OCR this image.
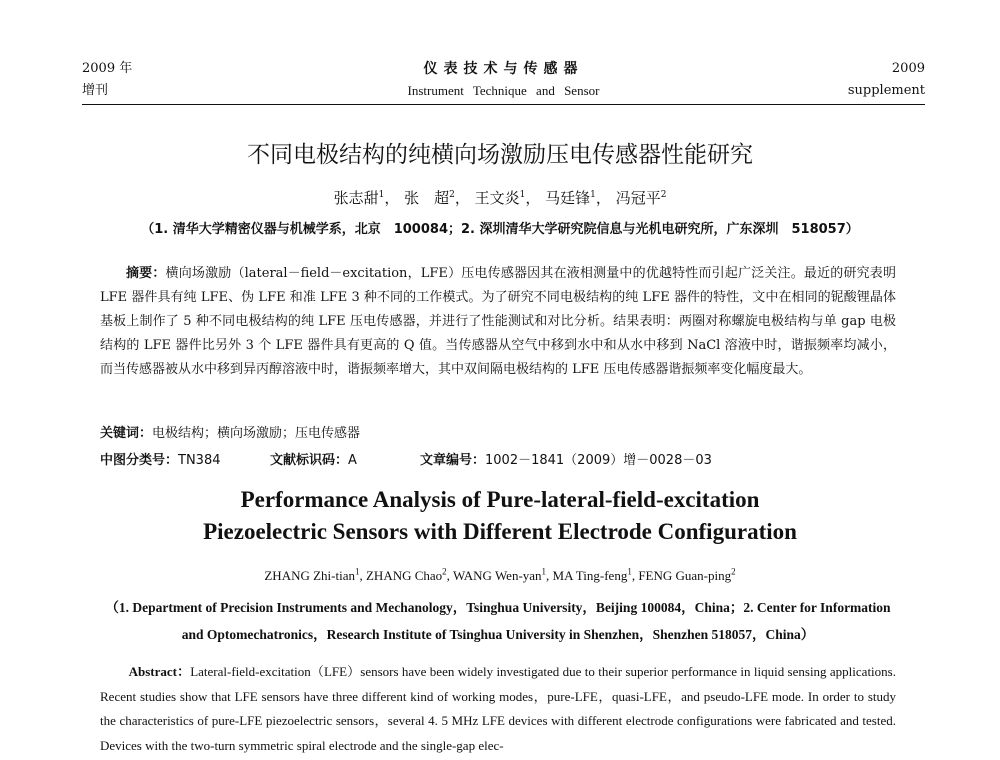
2009 年
增刊
仪表技术与传感器
Instrument Technique and Sensor
2009
supplement
不同电极结构的纯横向场激励压电传感器性能研究
张志甜$^1$， 张　超$^2$， 王文炎$^1$， 马廷锋$^1$， 冯冠平$^2$
（1. 清华大学精密仪器与机械学系，北京　100084；2. 深圳清华大学研究院信息与光机电研究所，广东深圳　518057）
摘要：横向场激励（lateral－field－excitation，LFE）压电传感器因其在液相测量中的优越特性而引起广泛关注。最近的研究表明 LFE 器件具有纯 LFE、伪 LFE 和准 LFE 3 种不同的工作模式。为了研究不同电极结构的纯 LFE 器件的特性，文中在相同的铌酸锂晶体基板上制作了 5 种不同电极结构的纯 LFE 压电传感器，并进行了性能测试和对比分析。结果表明：两圈对称螺旋电极结构与单 gap 电极结构的 LFE 器件比另外 3 个 LFE 器件具有更高的 Q 值。当传感器从空气中移到水中和从水中移到 NaCl 溶液中时，谐振频率均减小，而当传感器被从水中移到异丙醇溶液中时，谐振频率增大，其中双间隔电极结构的 LFE 压电传感器谐振频率变化幅度最大。
关键词：电极结构；横向场激励；压电传感器
中图分类号：TN384	文献标识码：A	文章编号：1002－1841（2009）增－0028－03
Performance Analysis of Pure-lateral-field-excitation
Piezoelectric Sensors with Different Electrode Configuration
ZHANG Zhi-tian$^1$, ZHANG Chao$^2$, WANG Wen-yan$^1$, MA Ting-feng$^1$, FENG Guan-ping$^2$
（1. Department of Precision Instruments and Mechanology，Tsinghua University，Beijing 100084，China；2. Center for Information and Optomechatronics，Research Institute of Tsinghua University in Shenzhen，Shenzhen 518057，China）
Abstract：Lateral-field-excitation（LFE）sensors have been widely investigated due to their superior performance in liquid sensing applications. Recent studies show that LFE sensors have three different kind of working modes，pure-LFE，quasi-LFE，and pseudo-LFE mode. In order to study the characteristics of pure-LFE piezoelectric sensors，several 4. 5 MHz LFE devices with different electrode configurations were fabricated and tested. Devices with the two-turn symmetric spiral electrode and the single-gap elec-
